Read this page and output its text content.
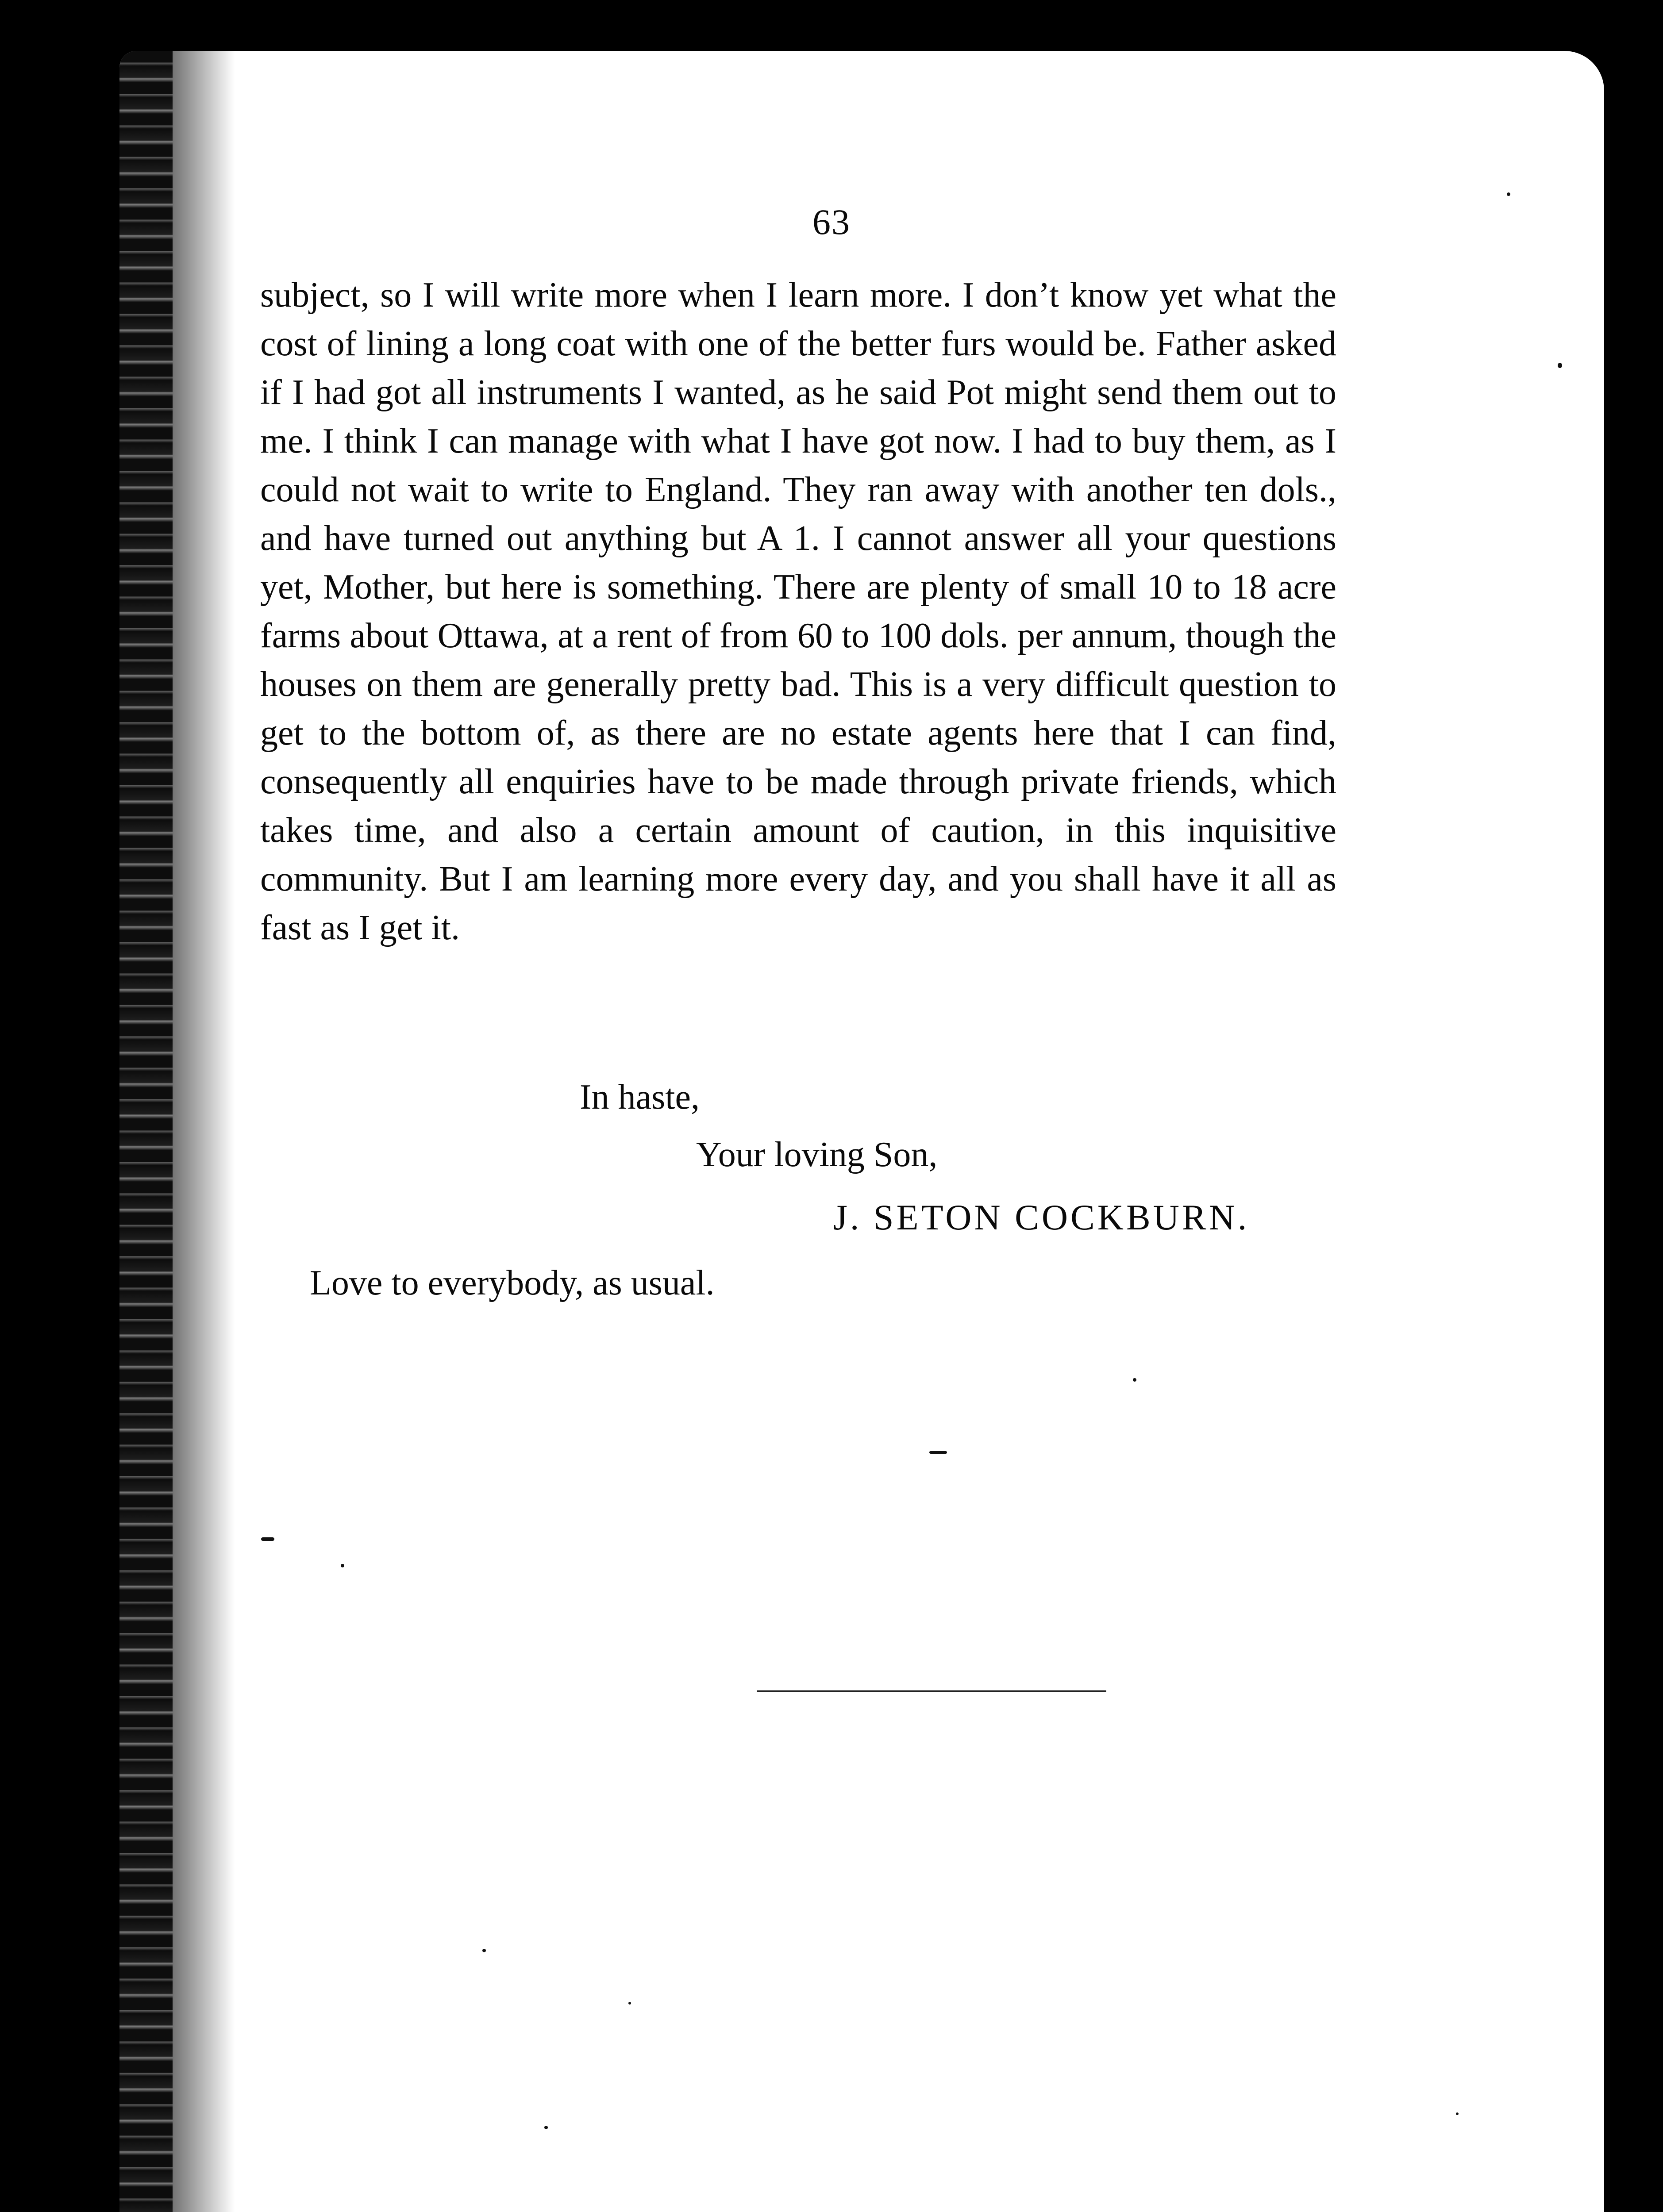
63
subject, so I will write more when I learn more. I don’t know yet what the cost of lining a long coat with one of the better furs would be. Father asked if I had got all instruments I wanted, as he said Pot might send them out to me. I think I can manage with what I have got now. I had to buy them, as I could not wait to write to England. They ran away with another ten dols., and have turned out anything but A 1. I cannot answer all your questions yet, Mother, but here is something. There are plenty of small 10 to 18 acre farms about Ottawa, at a rent of from 60 to 100 dols. per annum, though the houses on them are generally pretty bad. This is a very difficult question to get to the bottom of, as there are no estate agents here that I can find, consequently all enquiries have to be made through private friends, which takes time, and also a certain amount of caution, in this inquisitive community. But I am learning more every day, and you shall have it all as fast as I get it.
In haste,
Your loving Son,
J. SETON COCKBURN.
Love to everybody, as usual.
